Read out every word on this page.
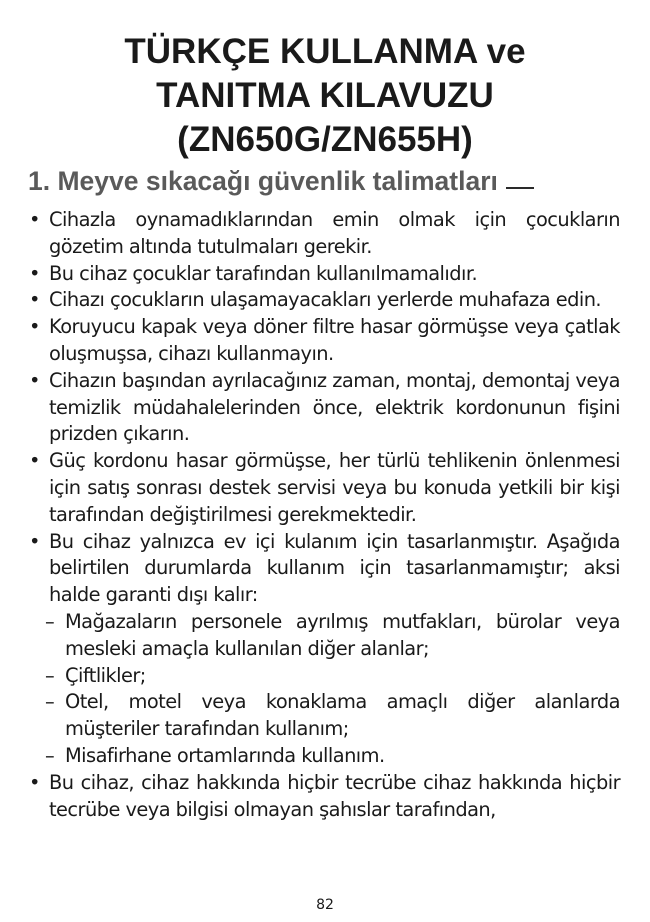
TÜRKÇE KULLANMA ve
TANITMA KILAVUZU
(ZN650G/ZN655H)
1. Meyve sıkacağı güvenlik talimatları

• Cihazla oynamadıklarından emin olmak için çocukların gözetim altında tutulmaları gerekir.

• Bu cihaz çocuklar tarafından kullanılmamalıdır.

• Cihazı çocukların ulaşamayacakları yerlerde muhafaza edin.

• Koruyucu kapak veya döner filtre hasar görmüşse veya çatlak oluşmuşsa, cihazı kullanmayın.

• Cihazın başından ayrılacağınız zaman, montaj, demontaj veya temizlik müdahalelerinden önce, elektrik kordonunun fişini prizden çıkarın.

• Güç kordonu hasar görmüşse, her türlü tehlikenin önlenmesi için satış sonrası destek servisi veya bu konuda yetkili bir kişi tarafından değiştirilmesi gerekmektedir.

• Bu cihaz yalnızca ev içi kulanım için tasarlanmıştır. Aşağıda belirtilen durumlarda kullanım için tasarlanmamıştır; aksi halde garanti dışı kalır:

– Mağazaların personele ayrılmış mutfakları, bürolar veya mesleki amaçla kullanılan diğer alanlar;

– Çiftlikler;

– Otel, motel veya konaklama amaçlı diğer alanlarda müşteriler tarafından kullanım;

– Misafirhane ortamlarında kullanım.

• Bu cihaz, cihaz hakkında hiçbir tecrübe cihaz hakkında hiçbir tecrübe veya bilgisi olmayan şahıslar tarafından,

82
